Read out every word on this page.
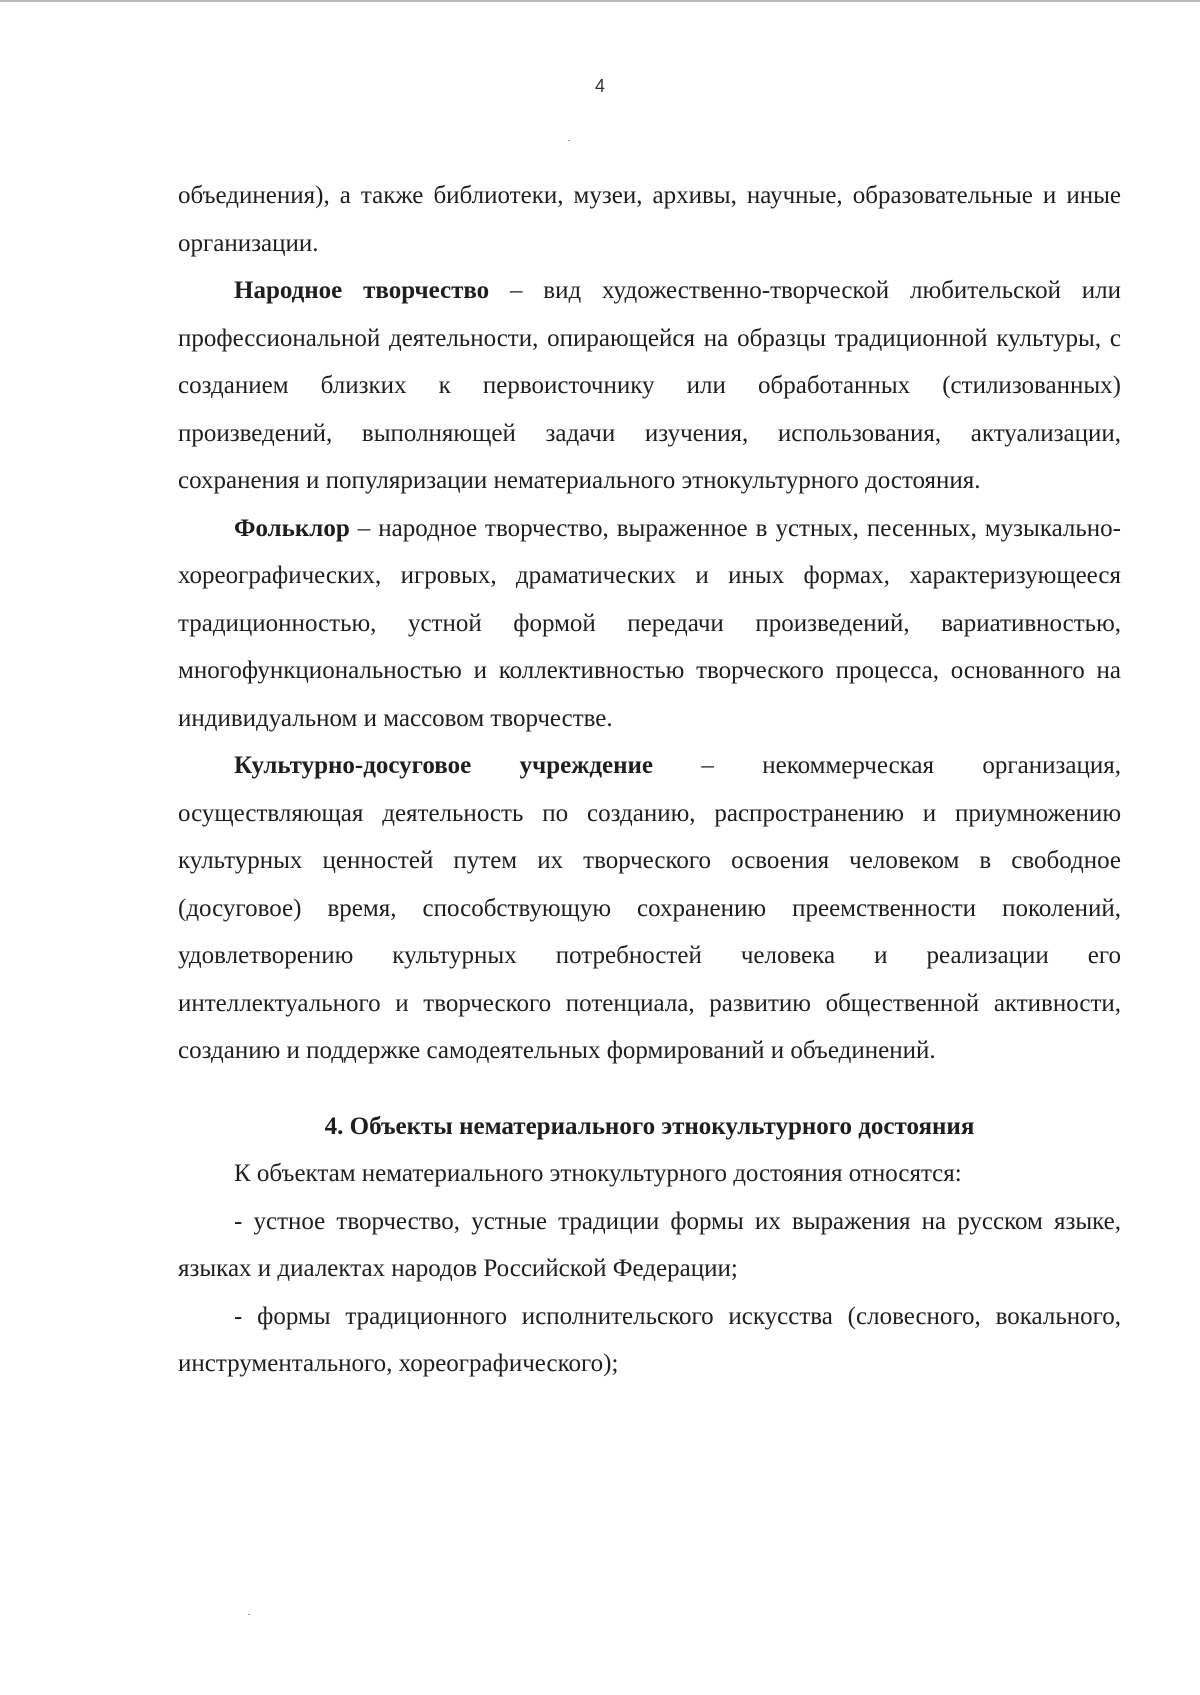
4

объединения), а также библиотеки, музеи, архивы, научные, образовательные и иные организации.

Народное творчество – вид художественно-творческой любительской или профессиональной деятельности, опирающейся на образцы традиционной культуры, с созданием близких к первоисточнику или обработанных (стилизованных) произведений, выполняющей задачи изучения, использования, актуализации, сохранения и популяризации нематериального этнокультурного достояния.

Фольклор – народное творчество, выраженное в устных, песенных, музыкально-хореографических, игровых, драматических и иных формах, характеризующееся традиционностью, устной формой передачи произведений, вариативностью, многофункциональностью и коллективностью творческого процесса, основанного на индивидуальном и массовом творчестве.

Культурно-досуговое учреждение – некоммерческая организация, осуществляющая деятельность по созданию, распространению и приумножению культурных ценностей путем их творческого освоения человеком в свободное (досуговое) время, способствующую сохранению преемственности поколений, удовлетворению культурных потребностей человека и реализации его интеллектуального и творческого потенциала, развитию общественной активности, созданию и поддержке самодеятельных формирований и объединений.

4. Объекты нематериального этнокультурного достояния

К объектам нематериального этнокультурного достояния относятся:

- устное творчество, устные традиции формы их выражения на русском языке, языках и диалектах народов Российской Федерации;

- формы традиционного исполнительского искусства (словесного, вокального, инструментального, хореографического);
